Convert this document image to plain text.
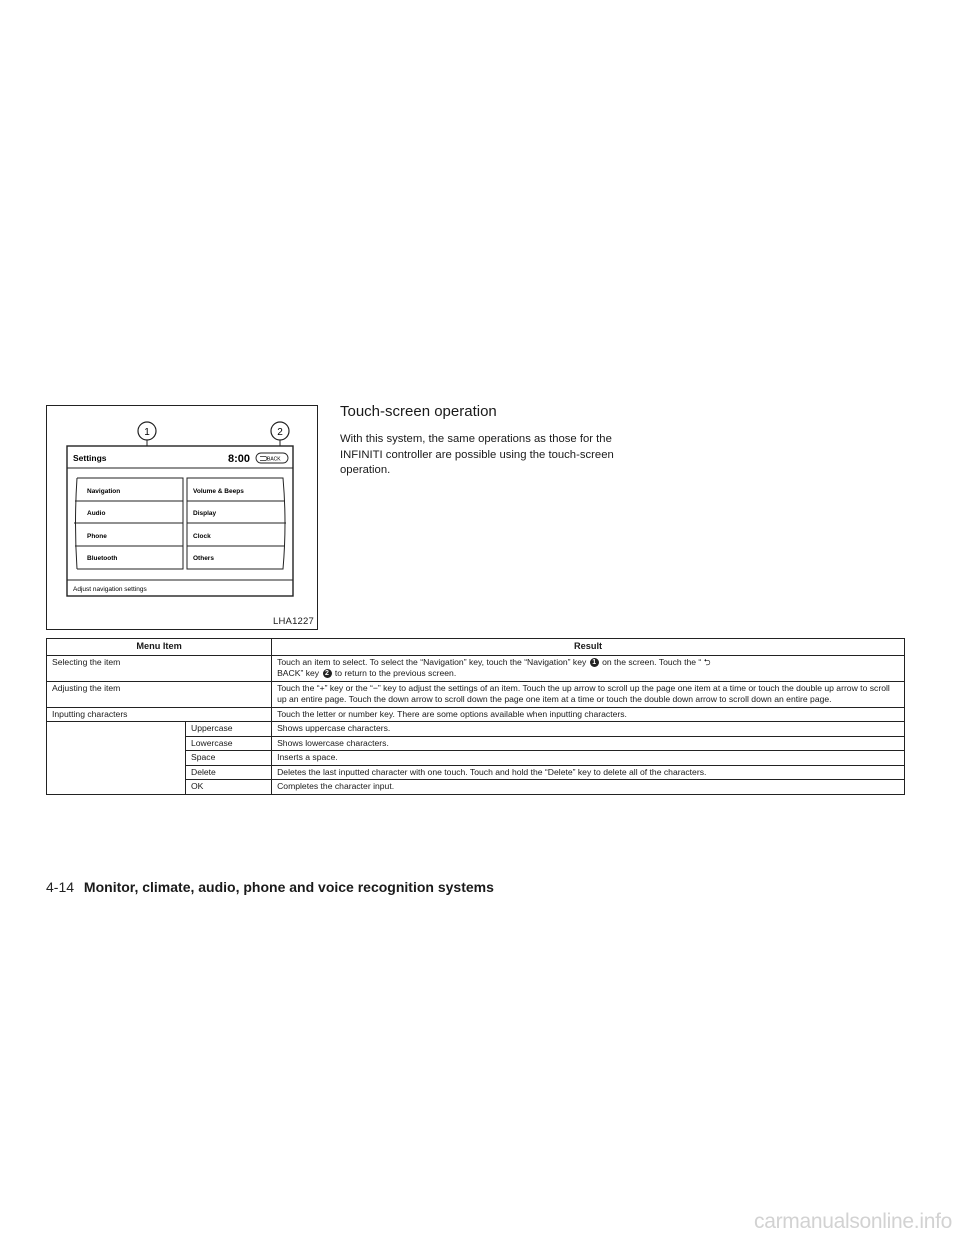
1	2
Settings	8:00	BACK
Navigation
Audio
Phone
Bluetooth
Volume & Beeps
Display
Clock
Others
Adjust navigation settings
LHA1227
Touch-screen operation

With this system, the same operations as those for the INFINITI controller are possible using the touch-screen operation.

Menu Item		Result
Selecting the item		Touch an item to select. To select the “Navigation” key, touch the “Navigation” key 1 on the screen. Touch the “ ⮌
BACK” key 2 to return to the previous screen.
Adjusting the item		Touch the “+” key or the “−” key to adjust the settings of an item. Touch the up arrow to scroll up the page one item at a time or touch the double up arrow to scroll up an entire page. Touch the down arrow to scroll down the page one item at a time or touch the double down arrow to scroll down an entire page.
Inputting characters		Touch the letter or number key. There are some options available when inputting characters.
	Uppercase	Shows uppercase characters.
	Lowercase	Shows lowercase characters.
	Space	Inserts a space.
	Delete	Deletes the last inputted character with one touch. Touch and hold the “Delete” key to delete all of the characters.
	OK	Completes the character input.
4-14 Monitor, climate, audio, phone and voice recognition systems
carmanualsonline.info
